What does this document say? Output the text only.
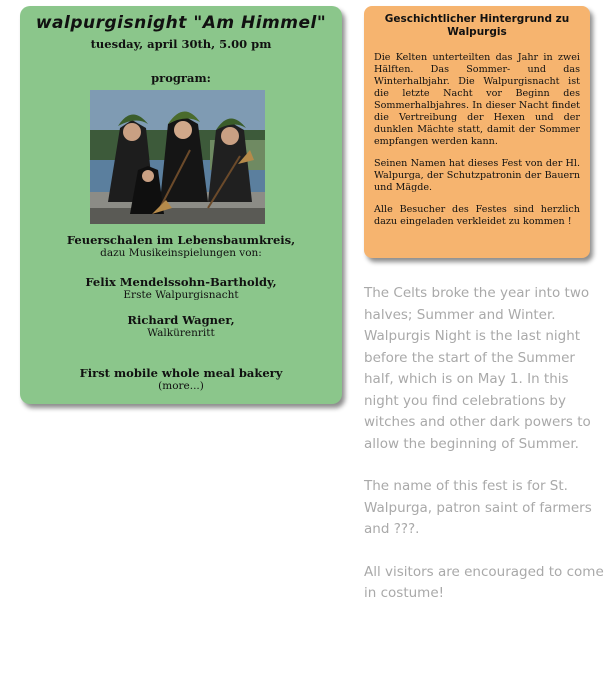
walpurgisnight "Am Himmel"
tuesday, april 30th, 5.00 pm
program:
Feuerschalen im Lebensbaumkreis,
dazu Musikeinspielungen von:
Felix Mendelssohn-Bartholdy,
Erste Walpurgisnacht
Richard Wagner,
Walkürenritt
First mobile whole meal bakery
(more...)
Geschichtlicher Hintergrund zu Walpurgis

Die Kelten unterteilten das Jahr in zwei Hälften. Das Sommer- und das Winterhalbjahr. Die Walpurgisnacht ist die letzte Nacht vor Beginn des Sommerhalbjahres. In dieser Nacht findet die Vertreibung der Hexen und der dunklen Mächte statt, damit der Sommer empfangen werden kann.

Seinen Namen hat dieses Fest von der Hl. Walpurga, der Schutzpatronin der Bauern und Mägde.

Alle Besucher des Festes sind herzlich dazu eingeladen verkleidet zu kommen !

The Celts broke the year into two halves; Summer and Winter. Walpurgis Night is the last night before the start of the Summer half, which is on May 1. In this night you find celebrations by witches and other dark powers to allow the beginning of Summer.

The name of this fest is for St. Walpurga, patron saint of farmers and ???.

All visitors are encouraged to come in costume!
